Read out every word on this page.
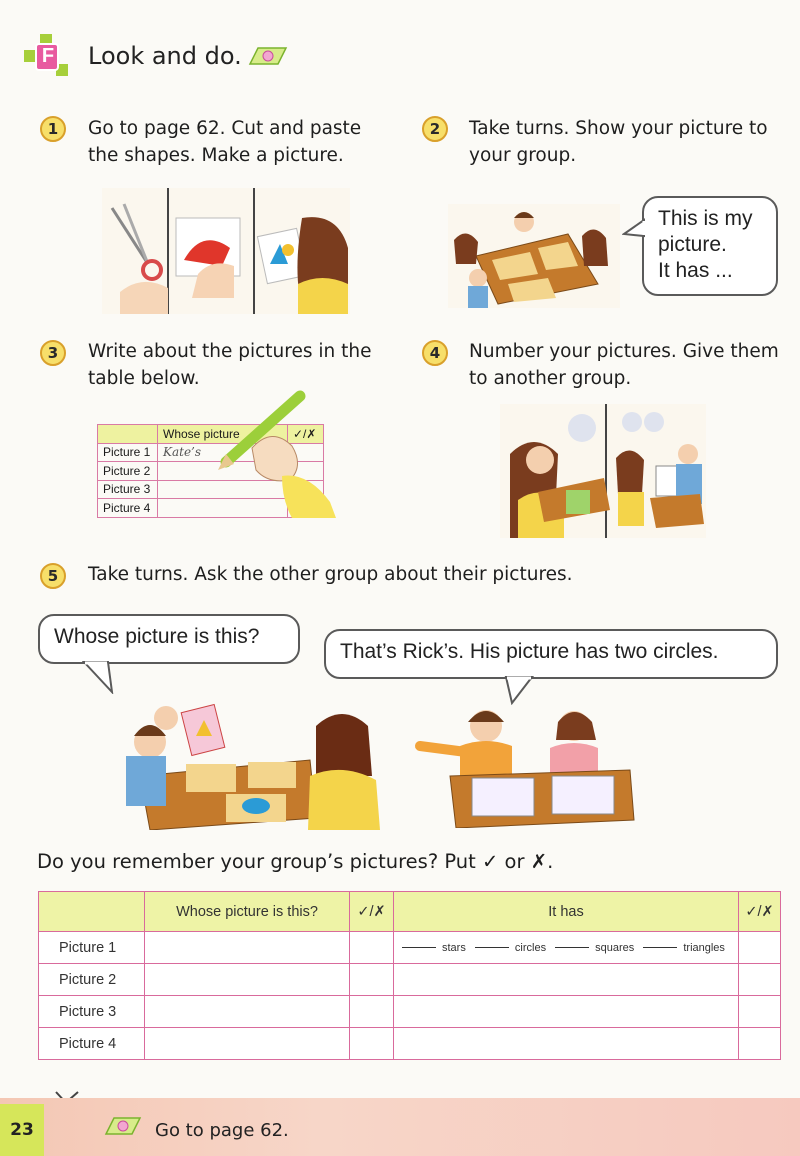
F Look and do.
1	Go to page 62. Cut and paste
the shapes. Make a picture.
2	Take turns. Show your picture to
your group.
This is my
picture.
It has ...
3	Write about the pictures in the
table below.
	Whose picture	✓/✗
Picture 1	Kate’s	
Picture 2		
Picture 3		
Picture 4		
4	Number your pictures. Give them
to another group.
5	Take turns. Ask the other group about their pictures.
Whose picture is this?
That’s Rick’s. His picture has two circles.
Do you remember your group’s pictures? Put ✓ or ✗.
	Whose picture is this?	✓/✗	It has	✓/✗
Picture 1			stars circles squares triangles	
Picture 2				
Picture 3				
Picture 4				
23	Go to page 62.
